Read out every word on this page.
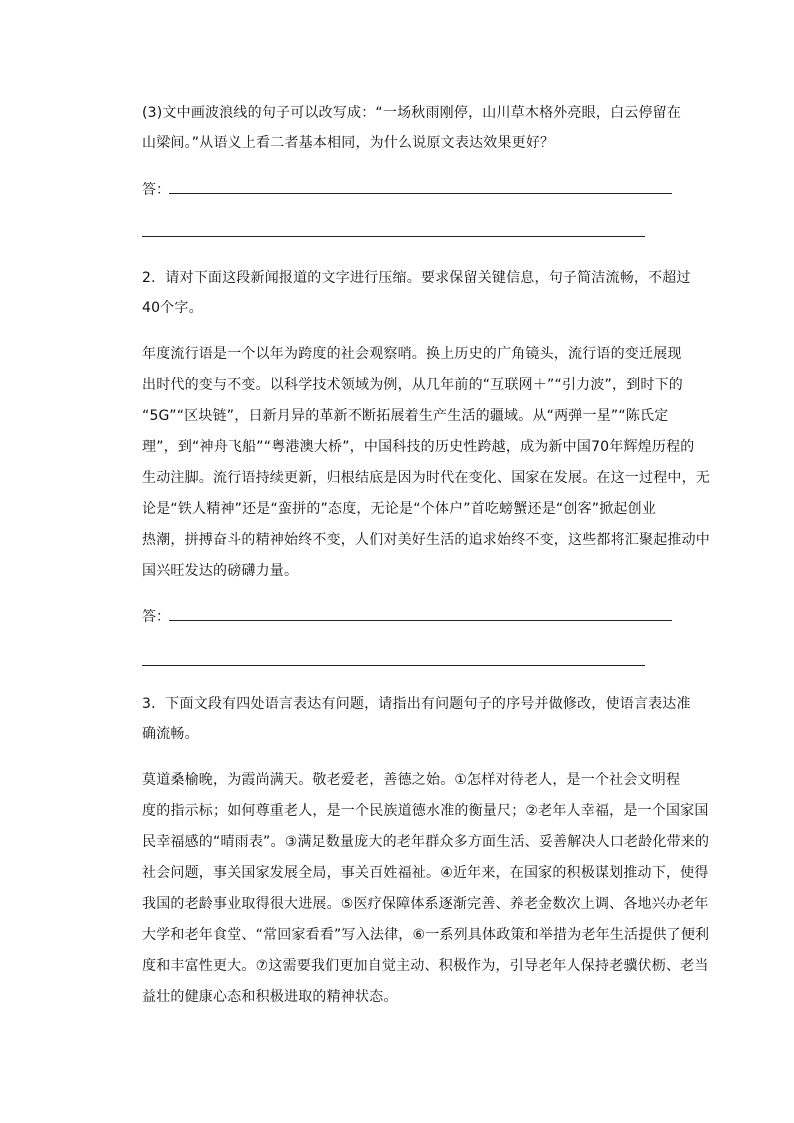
(3)文中画波浪线的句子可以改写成：“一场秋雨刚停，山川草木格外亮眼，白云停留在
山梁间。”从语义上看二者基本相同，为什么说原文表达效果更好？
答：
2．请对下面这段新闻报道的文字进行压缩。要求保留关键信息，句子简洁流畅，不超过
40个字。
年度流行语是一个以年为跨度的社会观察哨。换上历史的广角镜头，流行语的变迁展现
出时代的变与不变。以科学技术领域为例，从几年前的“互联网＋”“引力波”，到时下的
“5G”“区块链”，日新月异的革新不断拓展着生产生活的疆域。从“两弹一星”“陈氏定
理”，到“神舟飞船”“粤港澳大桥”，中国科技的历史性跨越，成为新中国70年辉煌历程的
生动注脚。流行语持续更新，归根结底是因为时代在变化、国家在发展。在这一过程中，无
论是“铁人精神”还是“蛮拼的”态度，无论是“个体户”首吃螃蟹还是“创客”掀起创业
热潮，拼搏奋斗的精神始终不变，人们对美好生活的追求始终不变，这些都将汇聚起推动中
国兴旺发达的磅礴力量。
答：
3．下面文段有四处语言表达有问题，请指出有问题句子的序号并做修改，使语言表达准
确流畅。
莫道桑榆晚，为霞尚满天。敬老爱老，善德之始。①怎样对待老人，是一个社会文明程
度的指示标；如何尊重老人，是一个民族道德水准的衡量尺；②老年人幸福，是一个国家国
民幸福感的“晴雨表”。③满足数量庞大的老年群众多方面生活、妥善解决人口老龄化带来的
社会问题，事关国家发展全局，事关百姓福祉。④近年来，在国家的积极谋划推动下，使得
我国的老龄事业取得很大进展。⑤医疗保障体系逐渐完善、养老金数次上调、各地兴办老年
大学和老年食堂、“常回家看看”写入法律，⑥一系列具体政策和举措为老年生活提供了便利
度和丰富性更大。⑦这需要我们更加自觉主动、积极作为，引导老年人保持老骥伏枥、老当
益壮的健康心态和积极进取的精神状态。
